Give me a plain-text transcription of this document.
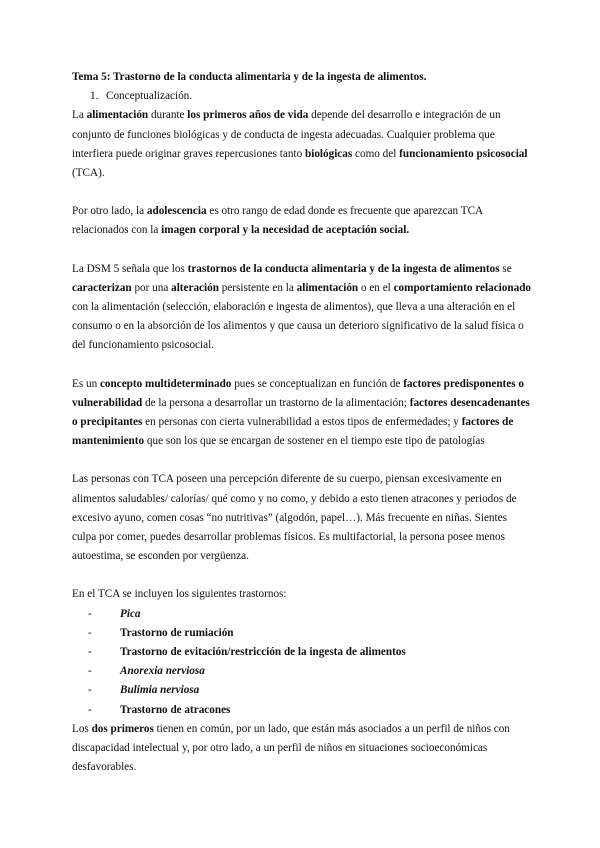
Tema 5: Trastorno de la conducta alimentaria y de la ingesta de alimentos.

1. Conceptualización.

La alimentación durante los primeros años de vida depende del desarrollo e integración de un conjunto de funciones biológicas y de conducta de ingesta adecuadas. Cualquier problema que interfiera puede originar graves repercusiones tanto biológicas como del funcionamiento psicosocial (TCA).

Por otro lado, la adolescencia es otro rango de edad donde es frecuente que aparezcan TCA relacionados con la imagen corporal y la necesidad de aceptación social.

La DSM 5 señala que los trastornos de la conducta alimentaria y de la ingesta de alimentos se caracterizan por una alteración persistente en la alimentación o en el comportamiento relacionado con la alimentación (selección, elaboración e ingesta de alimentos), que lleva a una alteración en el consumo o en la absorción de los alimentos y que causa un deterioro significativo de la salud física o del funcionamiento psicosocial.

Es un concepto multideterminado pues se conceptualizan en función de factores predisponentes o vulnerabilidad de la persona a desarrollar un trastorno de la alimentación; factores desencadenantes o precipitantes en personas con cierta vulnerabilidad a estos tipos de enfermedades; y factores de mantenimiento que son los que se encargan de sostener en el tiempo este tipo de patologías

Las personas con TCA poseen una percepción diferente de su cuerpo, piensan excesivamente en alimentos saludables/ calorías/ qué como y no como, y debido a esto tienen atracones y periodos de excesivo ayuno, comen cosas “no nutritivas” (algodón, papel…). Más frecuente en niñas. Sientes culpa por comer, puedes desarrollar problemas físicos. Es multifactorial, la persona posee menos autoestima, se esconden por vergüenza.

En el TCA se incluyen los siguientes trastornos:

- Pica
- Trastorno de rumiación
- Trastorno de evitación/restricción de la ingesta de alimentos
- Anorexia nerviosa
- Bulimia nerviosa
- Trastorno de atracones

Los dos primeros tienen en común, por un lado, que están más asociados a un perfil de niños con discapacidad intelectual y, por otro lado, a un perfil de niños en situaciones socioeconómicas desfavorables.
